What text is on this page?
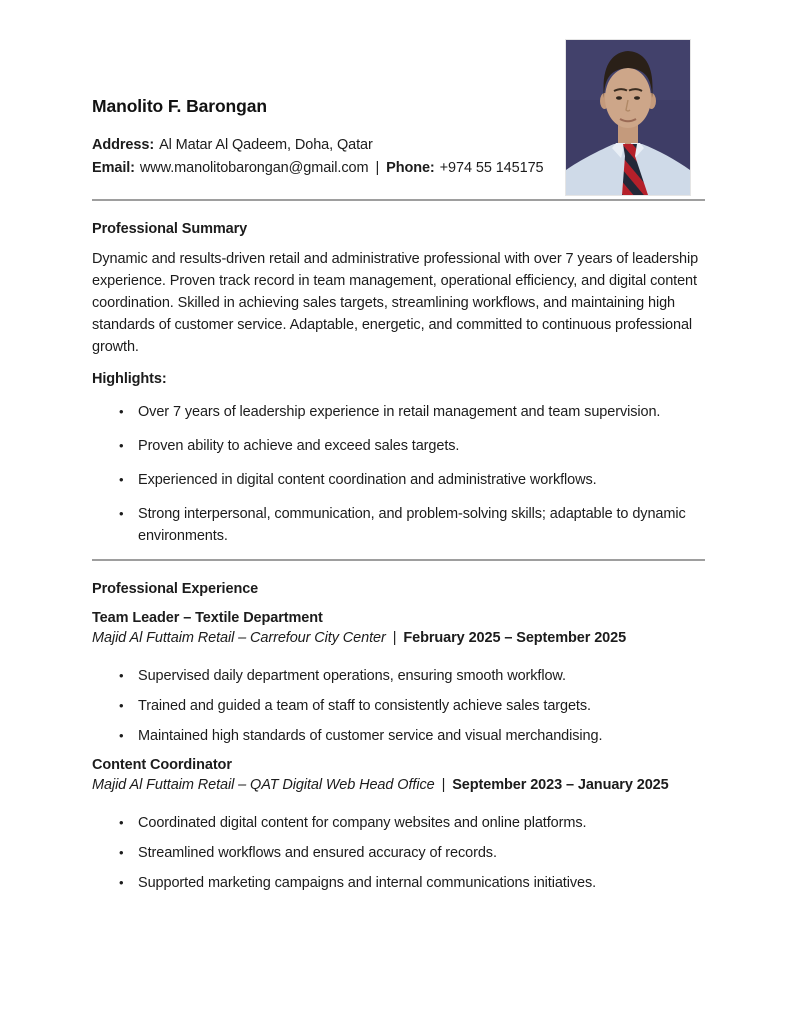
Manolito F. Barongan
Address: Al Matar Al Qadeem, Doha, Qatar
Email: www.manolitobarongan@gmail.com | Phone: +974 55 145175
Professional Summary

Dynamic and results-driven retail and administrative professional with over 7 years of leadership experience. Proven track record in team management, operational efficiency, and digital content coordination. Skilled in achieving sales targets, streamlining workflows, and maintaining high standards of customer service. Adaptable, energetic, and committed to continuous professional growth.

Highlights:
•	Over 7 years of leadership experience in retail management and team supervision.
•	Proven ability to achieve and exceed sales targets.
•	Experienced in digital content coordination and administrative workflows.
•	Strong interpersonal, communication, and problem-solving skills; adaptable to dynamic environments.
Professional Experience
Team Leader – Textile Department
Majid Al Futtaim Retail – Carrefour City Center | February 2025 – September 2025
•	Supervised daily department operations, ensuring smooth workflow.
•	Trained and guided a team of staff to consistently achieve sales targets.
•	Maintained high standards of customer service and visual merchandising.
Content Coordinator
Majid Al Futtaim Retail – QAT Digital Web Head Office | September 2023 – January 2025
•	Coordinated digital content for company websites and online platforms.
•	Streamlined workflows and ensured accuracy of records.
•	Supported marketing campaigns and internal communications initiatives.
